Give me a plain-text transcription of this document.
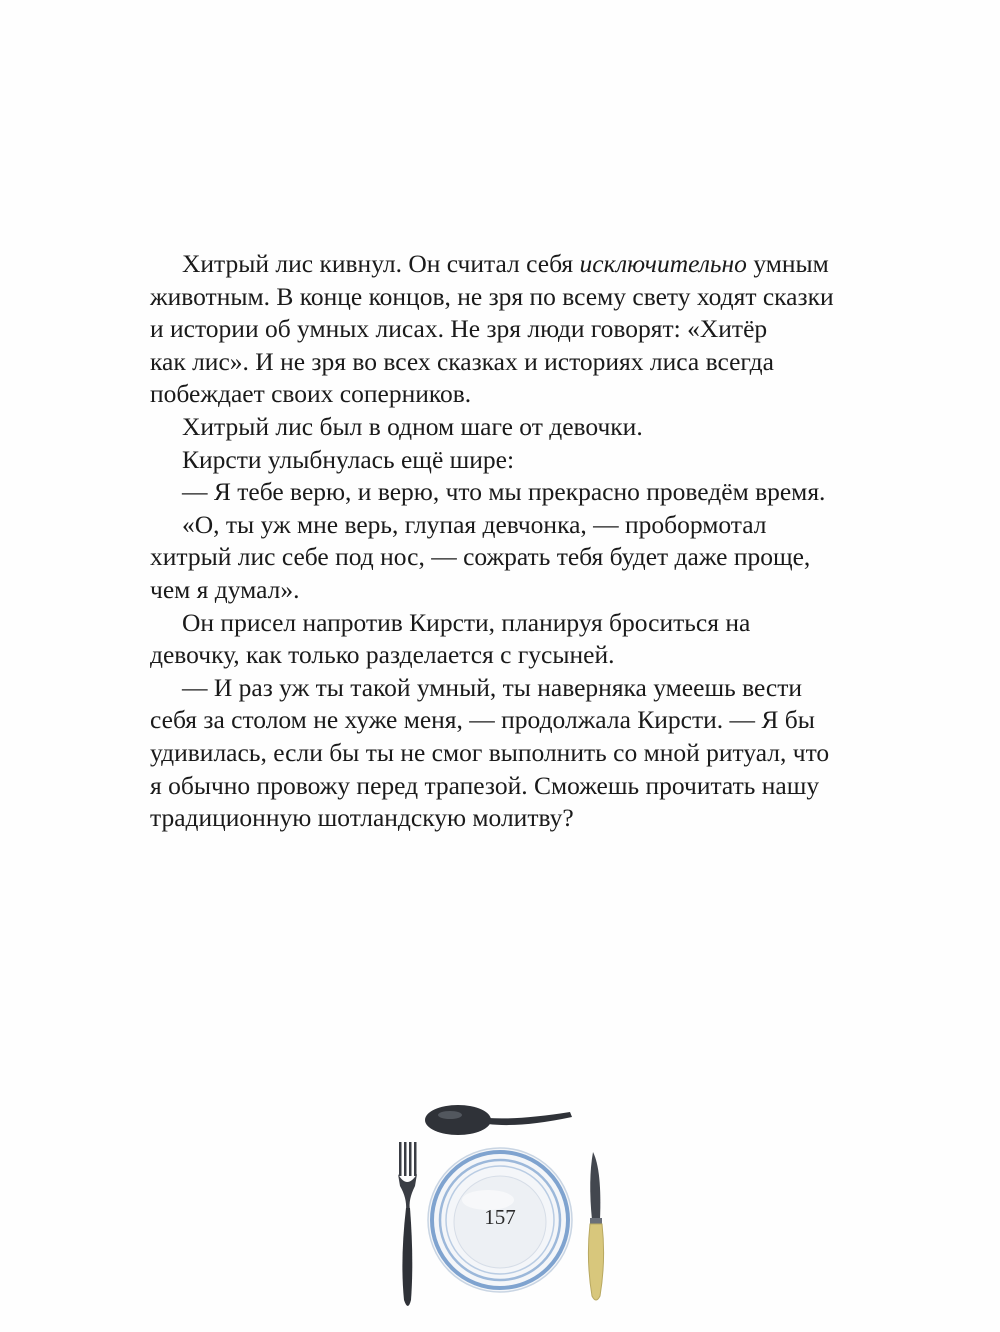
Хитрый лис кивнул. Он считал себя исключительно умным
животным. В конце концов, не зря по всему свету ходят сказки
и истории об умных лисах. Не зря люди говорят: «Хитёр
как лис». И не зря во всех сказках и историях лиса всегда
побеждает своих соперников.
Хитрый лис был в одном шаге от девочки.
Кирсти улыбнулась ещё шире:
— Я тебе верю, и верю, что мы прекрасно проведём время.
«О, ты уж мне верь, глупая девчонка, — пробормотал
хитрый лис себе под нос, — сожрать тебя будет даже проще,
чем я думал».
Он присел напротив Кирсти, планируя броситься на
девочку, как только разделается с гусыней.
— И раз уж ты такой умный, ты наверняка умеешь вести
себя за столом не хуже меня, — продолжала Кирсти. — Я бы
удивилась, если бы ты не смог выполнить со мной ритуал, что
я обычно провожу перед трапезой. Сможешь прочитать нашу
традиционную шотландскую молитву?
157
